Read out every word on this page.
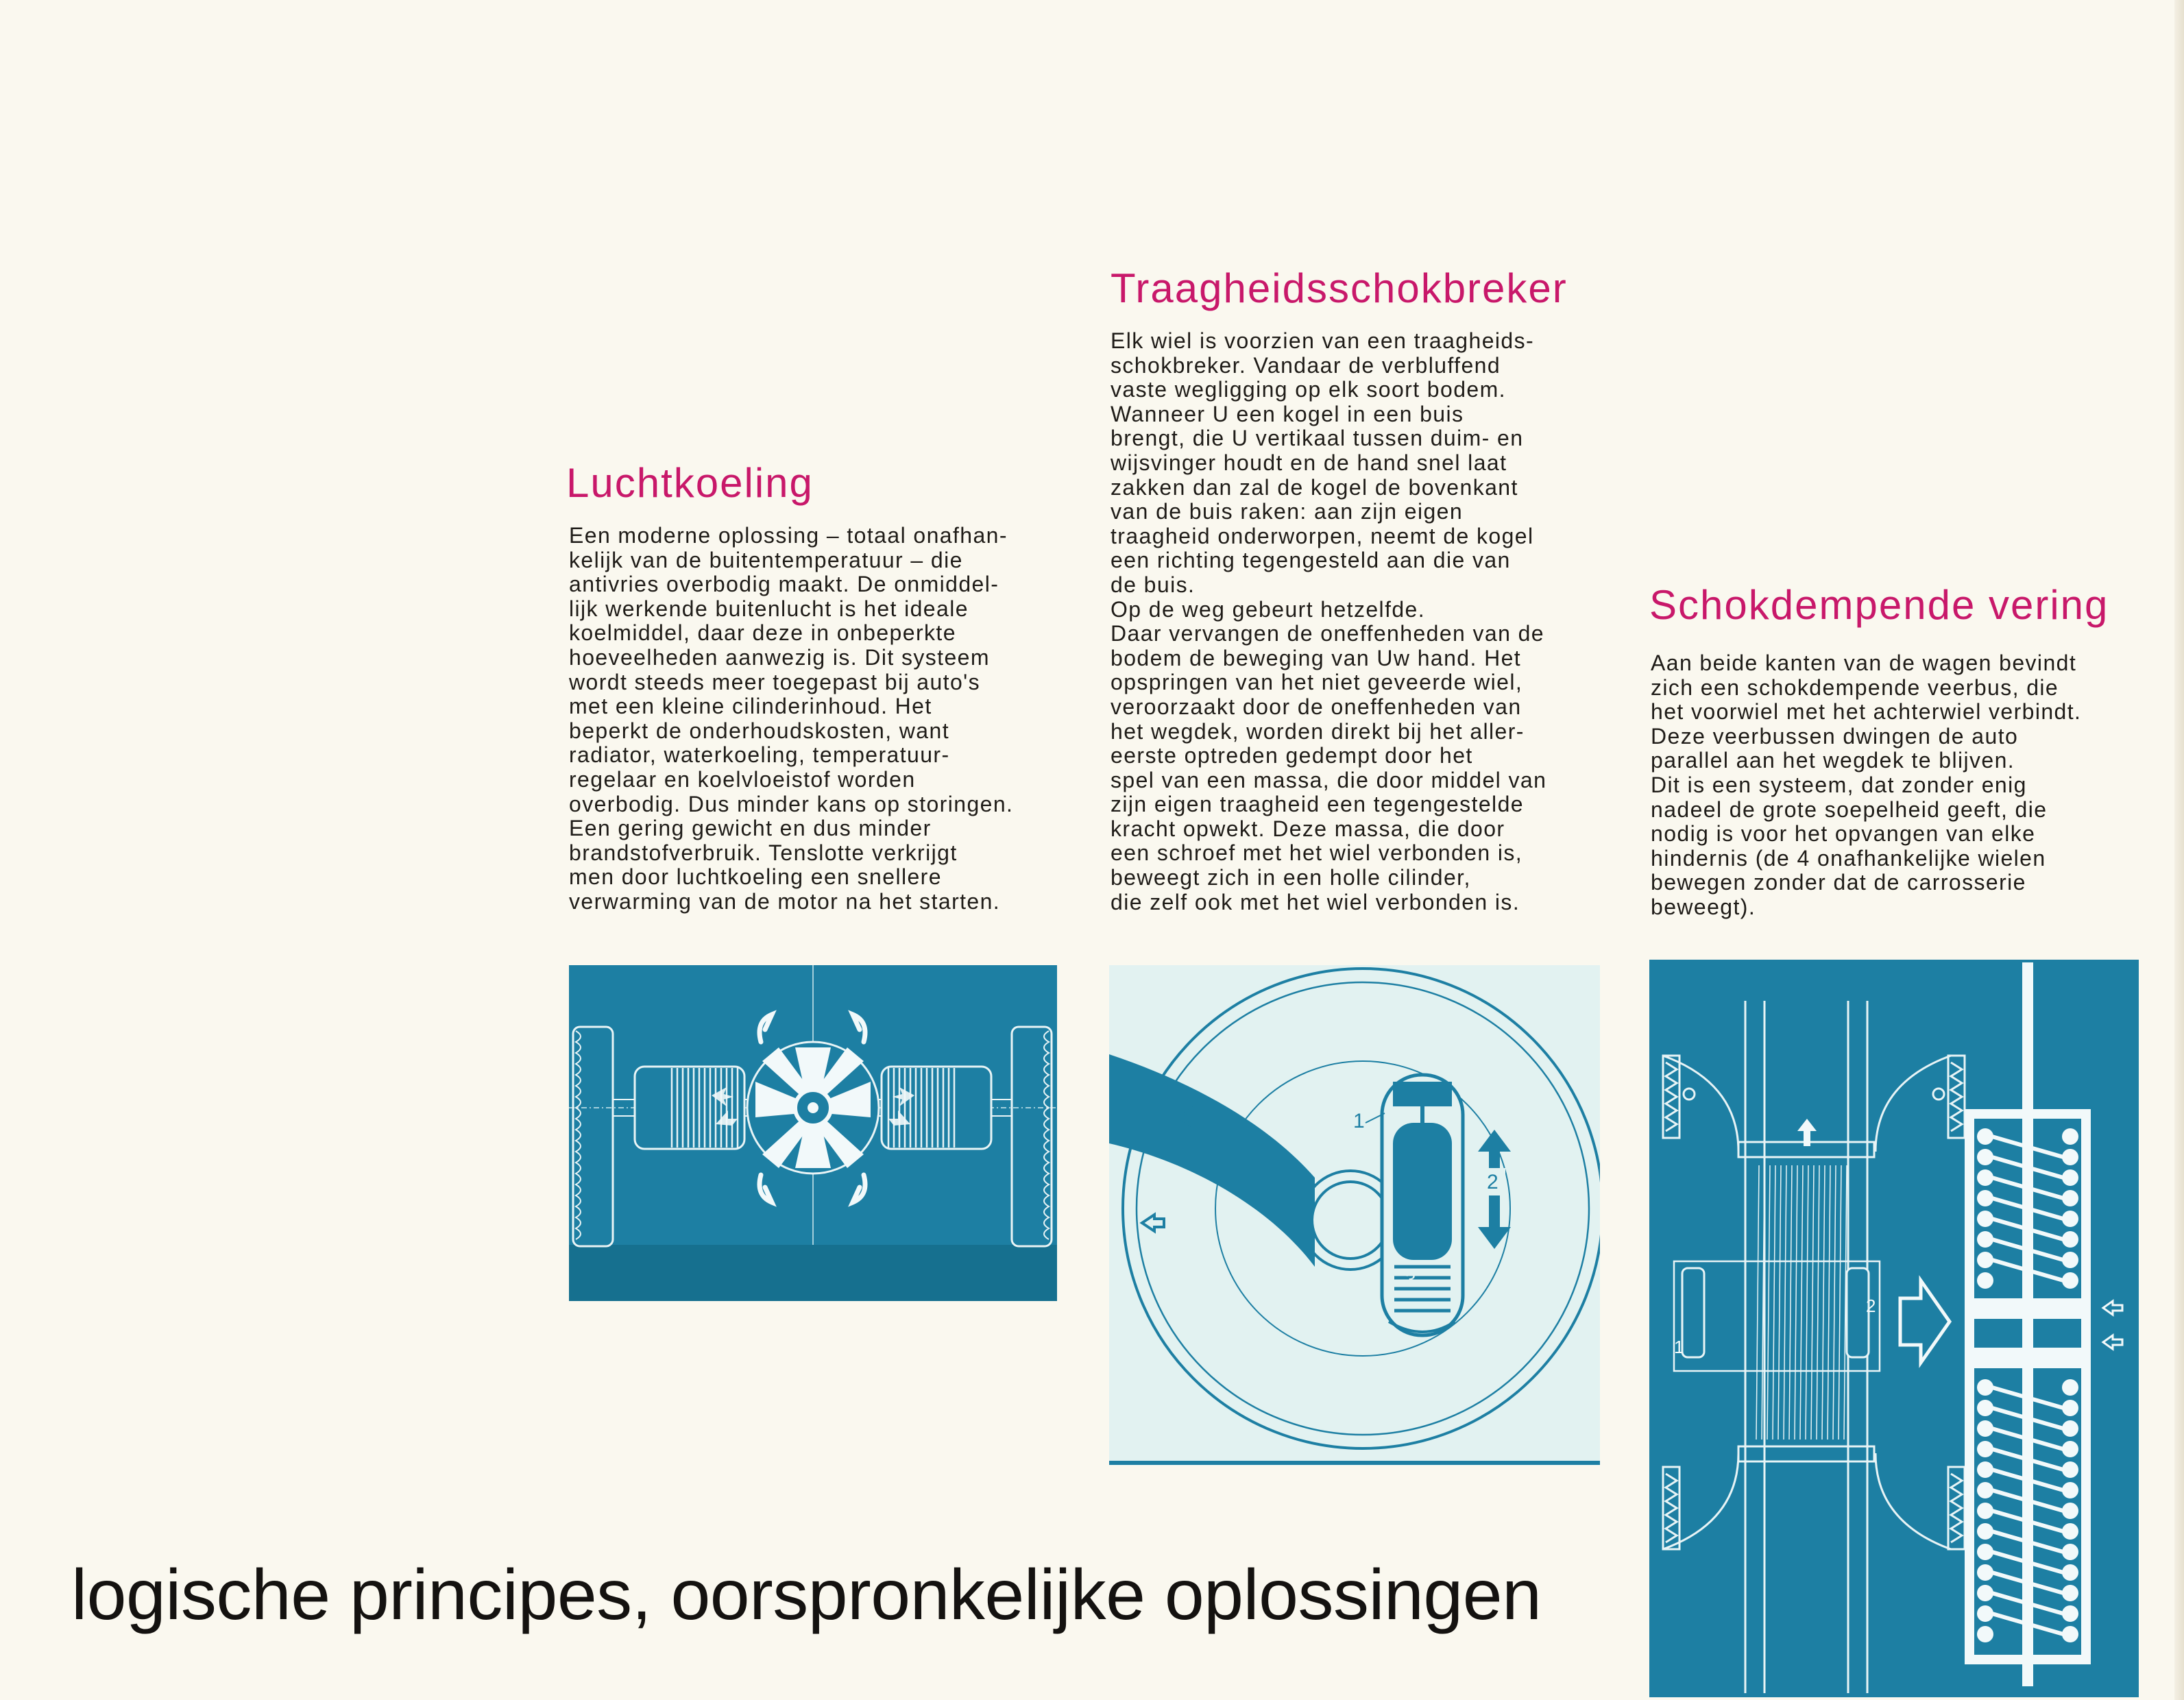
Luchtkoeling

Een moderne oplossing – totaal onafhan-
kelijk van de buitentemperatuur – die
antivries overbodig maakt. De onmiddel-
lijk werkende buitenlucht is het ideale
koelmiddel, daar deze in onbeperkte
hoeveelheden aanwezig is. Dit systeem
wordt steeds meer toegepast bij auto's
met een kleine cilinderinhoud. Het
beperkt de onderhoudskosten, want
radiator, waterkoeling, temperatuur-
regelaar en koelvloeistof worden
overbodig. Dus minder kans op storingen.
Een gering gewicht en dus minder
brandstofverbruik. Tenslotte verkrijgt
men door luchtkoeling een snellere
verwarming van de motor na het starten.

Traagheidsschokbreker

Elk wiel is voorzien van een traagheids-
schokbreker. Vandaar de verbluffend
vaste wegligging op elk soort bodem.
Wanneer U een kogel in een buis
brengt, die U vertikaal tussen duim- en
wijsvinger houdt en de hand snel laat
zakken dan zal de kogel de bovenkant
van de buis raken: aan zijn eigen
traagheid onderworpen, neemt de kogel
een richting tegengesteld aan die van
de buis.
Op de weg gebeurt hetzelfde.
Daar vervangen de oneffenheden van de
bodem de beweging van Uw hand. Het
opspringen van het niet geveerde wiel,
veroorzaakt door de oneffenheden van
het wegdek, worden direkt bij het aller-
eerste optreden gedempt door het
spel van een massa, die door middel van
zijn eigen traagheid een tegengestelde
kracht opwekt. Deze massa, die door
een schroef met het wiel verbonden is,
beweegt zich in een holle cilinder,
die zelf ook met het wiel verbonden is.

Schokdempende vering

Aan beide kanten van de wagen bevindt
zich een schokdempende veerbus, die
het voorwiel met het achterwiel verbindt.
Deze veerbussen dwingen de auto
parallel aan het wegdek te blijven.
Dit is een systeem, dat zonder enig
nadeel de grote soepelheid geeft, die
nodig is voor het opvangen van elke
hindernis (de 4 onafhankelijke wielen
bewegen zonder dat de carrosserie
beweegt).

1
2
3
1
2
logische principes, oorspronkelijke oplossingen
